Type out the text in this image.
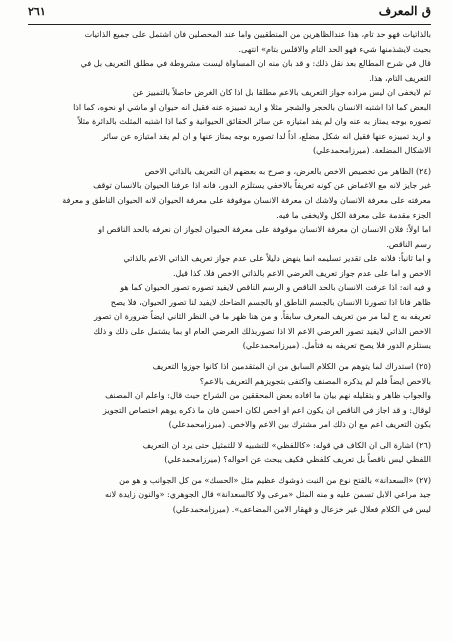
ق المعرف
٢٦١

بالذاتيات فهو حد تام، هذا عندالظاهرين من المنطقيين واما عند المحصلين فان اشتمل على جميع الذاتيات

بحيث لايشذمنها شيء فهو الحد التام والاقلس بتام» انتهى.

قال في شرح المطالع بعد نقل ذلك: و قد بان منه ان المساواة ليست مشروطة في مطلق التعريف بل في

التعريف التام، هذا.

ثم لايخفى ان ليس مراده جواز التعريف بالاعم مطلقا بل اذا كان الغرض حاصلاً بالتمييز عن

البعض كما اذا اشتبه الانسان بالحجر والشجر مثلا و اريد تمييزه عنه فقيل انه حيوان او ماشي او نحوه، كما اذا

تصوره بوجه يمتاز به عنه وان لم يفد امتيازه عن سائر الحقائق الحيوانية و كما اذا اشتبه المثلث بالدائرة مثلاً

و اريد تمييزه عنها فقيل انه شكل مضلع، اذاً لدا تصوره بوجه يمتاز عنها و ان لم يفد امتيازه عن سائر

الاشكال المضلعة. (ميرزامحمدعلي)

(٢٤) الظاهر من تخصيص الاخص بالعرض، و صرح به بعضهم ان التعريف بالذاتي الاخص

غير جايز لانه مع الاغماض عن كونه تعريفاً بالاخفي يستلزم الدور، فانه اذا عرفنا الحيوان بالانسان توقف

معرفته على معرفة الانسان ولاشك ان معرفة الانسان موقوفة على معرفة الحيوان لانه الحيوان الناطق و معرفة

الجزء مقدمة على معرفة الكل ولايخفى ما فيه.

اما اولاً: فلان الانسان ان معرفة الانسان موقوفة على معرفة الحيوان لجواز ان نعرفه بالحد الناقص او

رسم الناقص.

و اما ثانياً: فلانه على تقدير تسليمه انما ينهض دليلاً على عدم جواز تعريف الذاتي الاعم بالذاتي

الاخص و اما على عدم جواز تعريف العرضي الاعم بالذاتي الاخص فلا، كذا قيل.

و فيه انه: اذا عرفت الانسان بالحد الناقص و الرسم الناقص لايفيد تصوره تصور الحيوان كما هو

ظاهر فانا اذا تصورنا الانسان بالجسم الناطق او بالجسم الضاحك لايفيد لنا تصور الحيوان، فلا يصح

تعريفه به ح لما مر من تعريف المعرف سابقاً. و من هنا ظهر ما في النظر الثاني ايضاً ضرورة ان تصور

الاخص الذاتي لايفيد تصور العرضي الاعم الا اذا تصوربذلك العرضي العام او بما يشتمل على ذلك و ذلك

يستلزم الدور فلا يصح تعريفه به فتأمل. (ميرزامحمدعلي)

(٢٥) استدراك لما يتوهم من الكلام السابق من ان المتقدمين اذا كانوا جوزوا التعريف

بالاخص ايضاً فلم لم يذكره المصنف واكتفى بتجويزهم التعريف بالاعم؟

والجواب ظاهر و بتقليله نهم بيان ما افاده بعض المحققين من الشراح حيث قال: واعلم ان المصنف

لوقال: و قد اجاز في الناقص ان يكون اعم او اخص لكان احسن فان ما ذكره يوهم اختصاص التجويز

بكون التعريف اعم مع ان ذلك امر مشترك بين الاعم والاخص. (ميرزامحمدعلي)

(٢٦) اشارة الى ان الكاف في قوله: «كاللفظي» للتشبيه لا للتمثيل حتى يرد ان التعريف

اللفظي ليس ناقصاً بل تعريف كلفظي فكيف يبحث عن احواله؟ (ميرزامحمدعلي)

(٢٧) «السعدانة» بالفتح نوع من النبت ذوشوك عظيم مثل «الحسك» من كل الجوانب و هو من

جيد مراعي الابل تسمن عليه و منه المثل «مرعى ولا كالسعدانة» قال الجوهري: «والنون زايدة لانه

ليس في الكلام فعلال غير خزعال و قهقار الامن المضاعف». (ميرزامحمدعلي)
